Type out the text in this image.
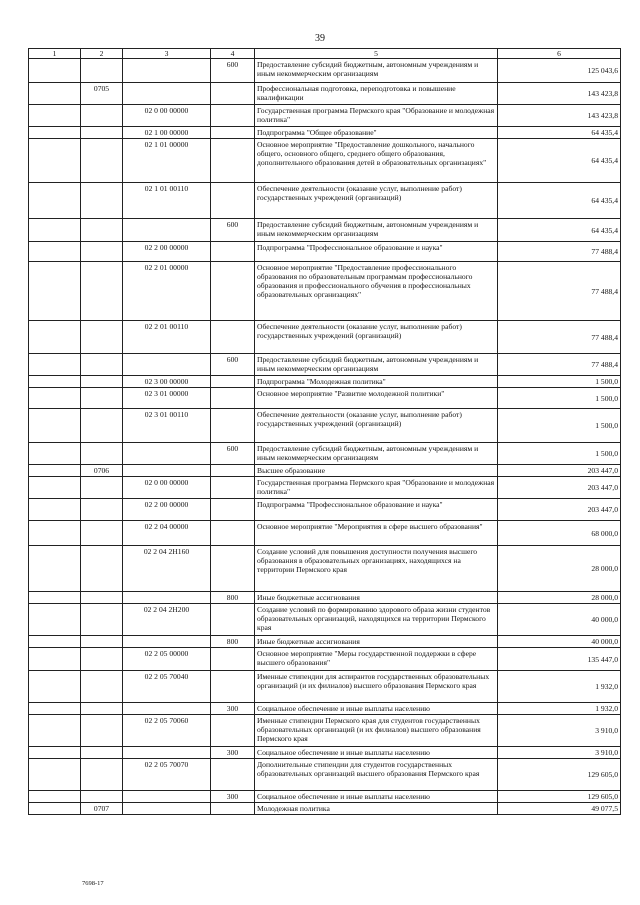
39
1	2	3	4	5	6
			600	Предоставление субсидий бюджетным, автономным учреждениям и иным некоммерческим организациям	125 043,6
	0705			Профессиональная подготовка, переподготовка и повышение квалификации	143 423,8
		02 0 00 00000		Государственная программа Пермского края "Образование и молодежная политика"	143 423,8
		02 1 00 00000		Подпрограмма "Общее образование"	64 435,4
		02 1 01 00000		Основное мероприятие "Предоставление дошкольного, начального общего, основного общего, среднего общего образования, дополнительного образования детей в образовательных организациях"	64 435,4
		02 1 01 00110		Обеспечение деятельности (оказание услуг, выполнение работ) государственных учреждений (организаций)	64 435,4
			600	Предоставление субсидий бюджетным, автономным учреждениям и иным некоммерческим организациям	64 435,4
		02 2 00 00000		Подпрограмма "Профессиональное образование и наука"	77 488,4
		02 2 01 00000		Основное мероприятие "Предоставление профессионального образования по образовательным программам профессионального образования и профессионального обучения в профессиональных образовательных организациях"	77 488,4
		02 2 01 00110		Обеспечение деятельности (оказание услуг, выполнение работ) государственных учреждений (организаций)	77 488,4
			600	Предоставление субсидий бюджетным, автономным учреждениям и иным некоммерческим организациям	77 488,4
		02 3 00 00000		Подпрограмма "Молодежная политика"	1 500,0
		02 3 01 00000		Основное мероприятие "Развитие молодежной политики"	1 500,0
		02 3 01 00110		Обеспечение деятельности (оказание услуг, выполнение работ) государственных учреждений (организаций)	1 500,0
			600	Предоставление субсидий бюджетным, автономным учреждениям и иным некоммерческим организациям	1 500,0
	0706			Высшее образование	203 447,0
		02 0 00 00000		Государственная программа Пермского края "Образование и молодежная политика"	203 447,0
		02 2 00 00000		Подпрограмма "Профессиональное образование и наука"	203 447,0
		02 2 04 00000		Основное мероприятие "Мероприятия в сфере высшего образования"	68 000,0
		02 2 04 2Н160		Создание условий для повышения доступности получения высшего образования в образовательных организациях, находящихся на территории Пермского края	28 000,0
			800	Иные бюджетные ассигнования	28 000,0
		02 2 04 2Н200		Создание условий по формированию здорового образа жизни студентов образовательных организаций, находящихся на территории Пермского края	40 000,0
			800	Иные бюджетные ассигнования	40 000,0
		02 2 05 00000		Основное мероприятие "Меры государственной поддержки в сфере высшего образования"	135 447,0
		02 2 05 70040		Именные стипендии для аспирантов государственных образовательных организаций (и их филиалов) высшего образования Пермского края	1 932,0
			300	Социальное обеспечение и иные выплаты населению	1 932,0
		02 2 05 70060		Именные стипендии Пермского края для студентов государственных образовательных организаций (и их филиалов) высшего образования Пермского края	3 910,0
			300	Социальное обеспечение и иные выплаты населению	3 910,0
		02 2 05 70070		Дополнительные стипендии для студентов государственных образовательных организаций высшего образования Пермского края	129 605,0
			300	Социальное обеспечение и иные выплаты населению	129 605,0
	0707			Молодежная политика	49 077,5
7698-17
